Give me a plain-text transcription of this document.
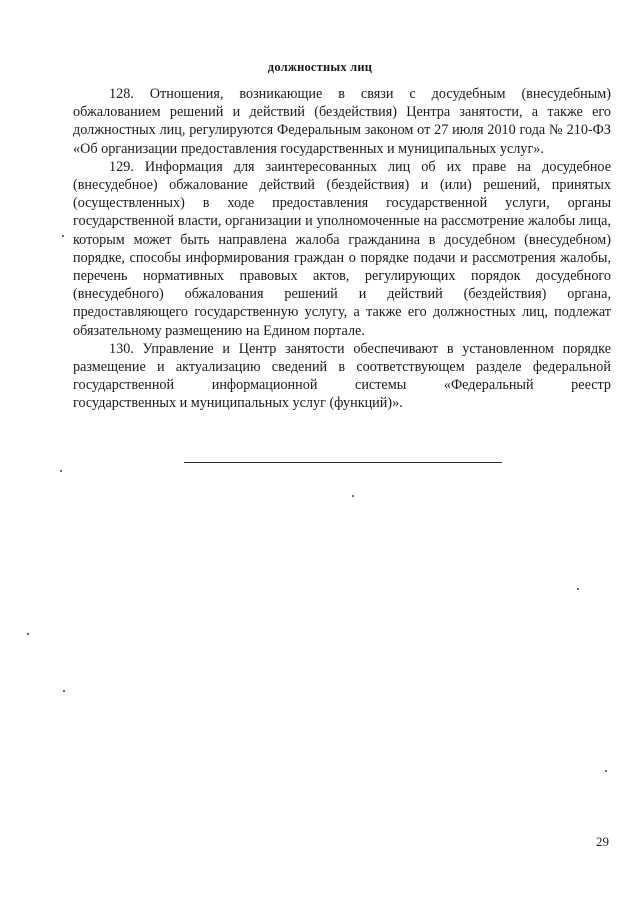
должностных лиц

128. Отношения, возникающие в связи с досудебным (внесудебным) обжалованием решений и действий (бездействия) Центра занятости, а также его должностных лиц, регулируются Федеральным законом от 27 июля 2010 года № 210-ФЗ «Об организации предоставления государственных и муниципальных услуг».

129. Информация для заинтересованных лиц об их праве на досудебное (внесудебное) обжалование действий (бездействия) и (или) решений, принятых (осуществленных) в ходе предоставления государственной услуги, органы государственной власти, организации и уполномоченные на рассмотрение жалобы лица, которым может быть направлена жалоба гражданина в досудебном (внесудебном) порядке, способы информирования граждан о порядке подачи и рассмотрения жалобы, перечень нормативных правовых актов, регулирующих порядок досудебного (внесудебного) обжалования решений и действий (бездействия) органа, предоставляющего государственную услугу, а также его должностных лиц, подлежат обязательному размещению на Едином портале.

130. Управление и Центр занятости обеспечивают в установленном порядке размещение и актуализацию сведений в соответствующем разделе федеральной государственной информационной системы «Федеральный реестр
государственных и муниципальных услуг (функций)».

29
